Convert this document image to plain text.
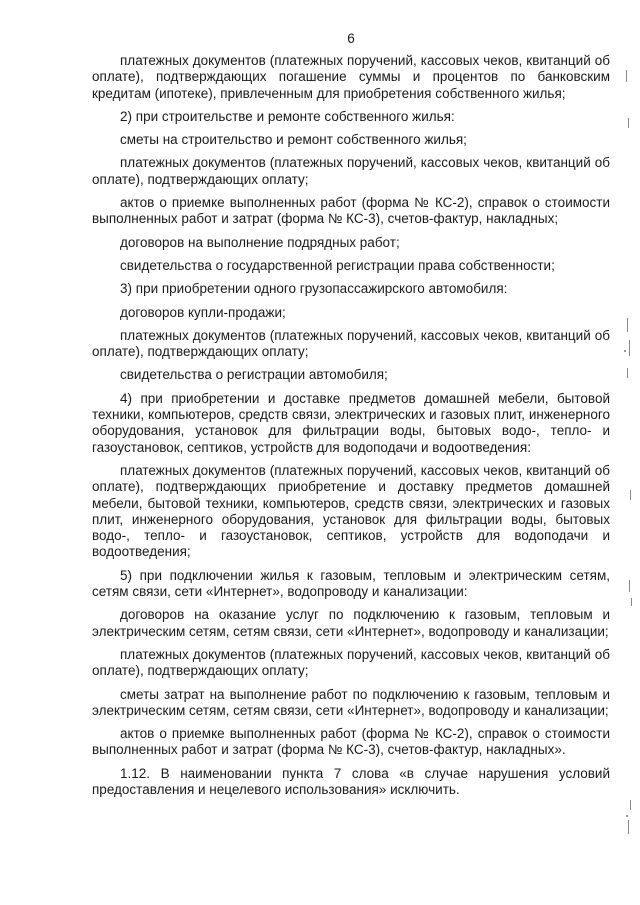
6

платежных документов (платежных поручений, кассовых чеков, квитанций об оплате), подтверждающих погашение суммы и процентов по банковским кредитам (ипотеке), привлеченным для приобретения собственного жилья;

2) при строительстве и ремонте собственного жилья:

сметы на строительство и ремонт собственного жилья;

платежных документов (платежных поручений, кассовых чеков, квитанций об оплате), подтверждающих оплату;

актов о приемке выполненных работ (форма № КС-2), справок о стоимости выполненных работ и затрат (форма № КС-3), счетов-фактур, накладных;

договоров на выполнение подрядных работ;

свидетельства о государственной регистрации права собственности;

3) при приобретении одного грузопассажирского автомобиля:

договоров купли-продажи;

платежных документов (платежных поручений, кассовых чеков, квитанций об оплате), подтверждающих оплату;

свидетельства о регистрации автомобиля;

4) при приобретении и доставке предметов домашней мебели, бытовой техники, компьютеров, средств связи, электрических и газовых плит, инженерного оборудования, установок для фильтрации воды, бытовых водо-, тепло- и газоустановок, септиков, устройств для водоподачи и водоотведения:

платежных документов (платежных поручений, кассовых чеков, квитанций об оплате), подтверждающих приобретение и доставку предметов домашней мебели, бытовой техники, компьютеров, средств связи, электрических и газовых плит, инженерного оборудования, установок для фильтрации воды, бытовых водо-, тепло- и газоустановок, септиков, устройств для водоподачи и водоотведения;

5) при подключении жилья к газовым, тепловым и электрическим сетям, сетям связи, сети «Интернет», водопроводу и канализации:

договоров на оказание услуг по подключению к газовым, тепловым и электрическим сетям, сетям связи, сети «Интернет», водопроводу и канализации;

платежных документов (платежных поручений, кассовых чеков, квитанций об оплате), подтверждающих оплату;

сметы затрат на выполнение работ по подключению к газовым, тепловым и электрическим сетям, сетям связи, сети «Интернет», водопроводу и канализации;

актов о приемке выполненных работ (форма № КС-2), справок о стоимости выполненных работ и затрат (форма № КС-3), счетов-фактур, накладных».

1.12. В наименовании пункта 7 слова «в случае нарушения условий предоставления и нецелевого использования» исключить.
